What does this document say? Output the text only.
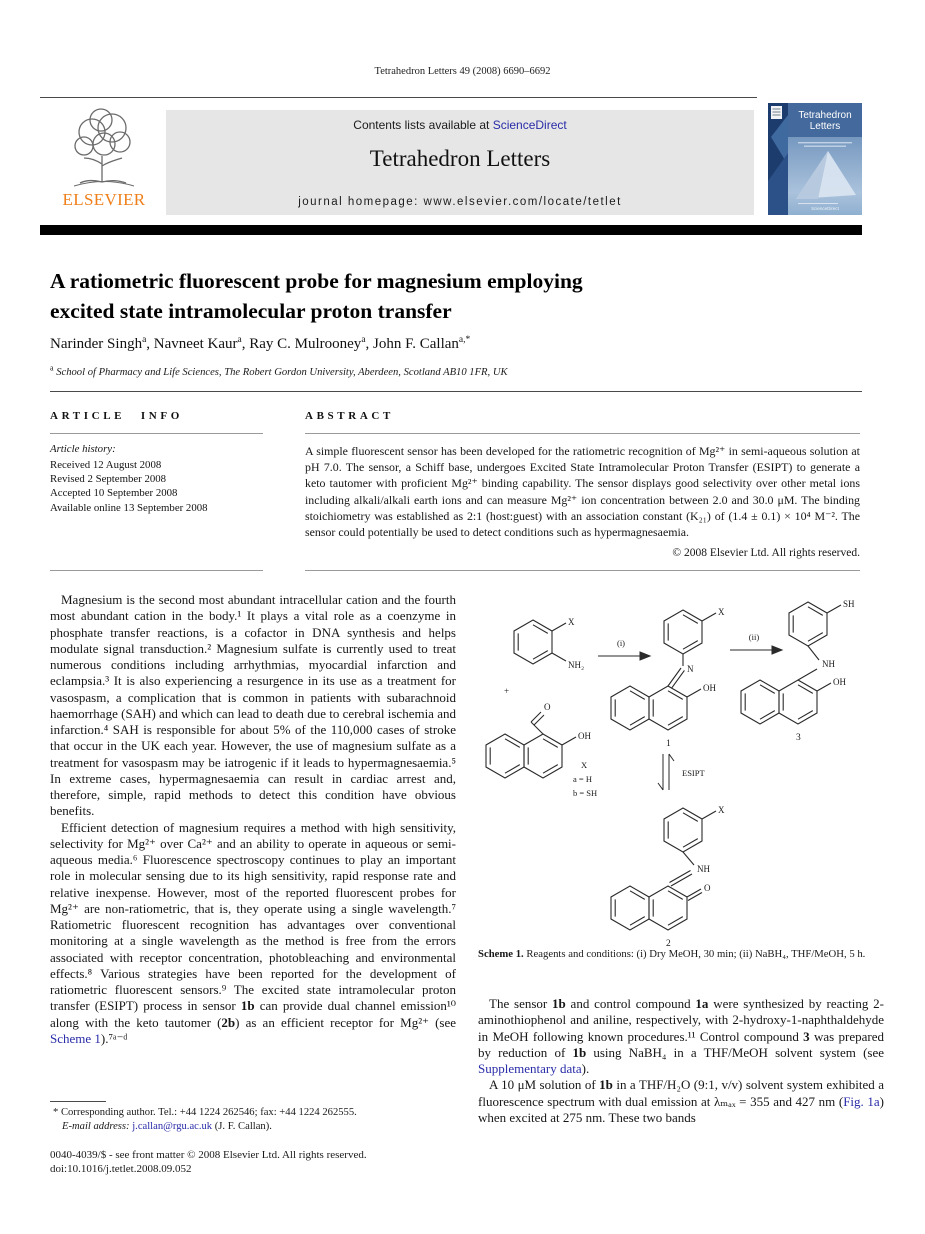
Tetrahedron Letters 49 (2008) 6690–6692
Contents lists available at ScienceDirect
Tetrahedron Letters
journal homepage: www.elsevier.com/locate/tetlet
ELSEVIER
Tetrahedron
Letters
ScienceDirect
A ratiometric fluorescent probe for magnesium employing
excited state intramolecular proton transfer
Narinder Singh$^a$, Navneet Kaur$^a$, Ray C. Mulrooney$^a$, John F. Callan$^{a,*}$
$^a$ School of Pharmacy and Life Sciences, The Robert Gordon University, Aberdeen, Scotland AB10 1FR, UK
ARTICLE INFO
Article history:
Received 12 August 2008
Revised 2 September 2008
Accepted 10 September 2008
Available online 13 September 2008
ABSTRACT
A simple fluorescent sensor has been developed for the ratiometric recognition of Mg²⁺ in semi-aqueous solution at pH 7.0. The sensor, a Schiff base, undergoes Excited State Intramolecular Proton Transfer (ESIPT) to generate a keto tautomer with proficient Mg²⁺ binding capability. The sensor displays good selectivity over other metal ions including alkali/alkali earth ions and can measure Mg²⁺ ion concentration between 2.0 and 30.0 μM. The binding stoichiometry was established as 2:1 (host:guest) with an association constant (K₂₁) of (1.4 ± 0.1) × 10⁴ M⁻². The sensor could potentially be used to detect conditions such as hypermagnesaemia.
© 2008 Elsevier Ltd. All rights reserved.

Magnesium is the second most abundant intracellular cation and the fourth most abundant cation in the body.¹ It plays a vital role as a coenzyme in phosphate transfer reactions, is a cofactor in DNA synthesis and helps modulate signal transduction.² Magnesium sulfate is currently used to treat numerous conditions including arrhythmias, myocardial infarction and eclampsia.³ It is also experiencing a resurgence in its use as a treatment for vasospasm, a complication that is common in patients with subarachnoid haemorrhage (SAH) and which can lead to death due to cerebral ischemia and infarction.⁴ SAH is responsible for about 5% of the 110,000 cases of stroke that occur in the UK each year. However, the use of magnesium sulfate as a treatment for vasospasm may be iatrogenic if it leads to hypermagnesaemia.⁵ In extreme cases, hypermagnesaemia can result in cardiac arrest and, therefore, simple, rapid methods to detect this condition have obvious benefits.

Efficient detection of magnesium requires a method with high sensitivity, selectivity for Mg²⁺ over Ca²⁺ and an ability to operate in aqueous or semi-aqueous media.⁶ Fluorescence spectroscopy continues to play an important role in molecular sensing due to its high sensitivity, rapid response rate and relative inexpense. However, most of the reported fluorescent probes for Mg²⁺ are non-ratiometric, that is, they operate using a single wavelength.⁷ Ratiometric fluorescent recognition has advantages over conventional monitoring at a single wavelength as the method is free from the errors associated with receptor concentration, photobleaching and environmental effects.⁸ Various strategies have been reported for the development of ratiometric fluorescent sensors.⁹ The excited state intramolecular proton transfer (ESIPT) process in sensor 1b can provide dual channel emission¹⁰ along with the keto tautomer (2b) as an efficient receptor for Mg²⁺ (see Scheme 1).⁷ᵃ⁻ᵈ

* Corresponding author. Tel.: +44 1224 262546; fax: +44 1224 262555.
E-mail address: j.callan@rgu.ac.uk (J. F. Callan).
0040-4039/$ - see front matter © 2008 Elsevier Ltd. All rights reserved.
doi:10.1016/j.tetlet.2008.09.052
X
NH₂
+
O
OH
(i)
X
N
OH
1
(ii)
SH
NH
OH
3
ESIPT
X
a = H
b = SH
X
NH
O
2
Scheme 1. Reagents and conditions: (i) Dry MeOH, 30 min; (ii) NaBH₄, THF/MeOH, 5 h.

The sensor 1b and control compound 1a were synthesized by reacting 2-aminothiophenol and aniline, respectively, with 2-hydroxy-1-naphthaldehyde in MeOH following known procedures.¹¹ Control compound 3 was prepared by reduction of 1b using NaBH₄ in a THF/MeOH solvent system (see Supplementary data).

A 10 μM solution of 1b in a THF/H₂O (9:1, v/v) solvent system exhibited a fluorescence spectrum with dual emission at λₘₐₓ = 355 and 427 nm (Fig. 1a) when excited at 275 nm. These two bands
